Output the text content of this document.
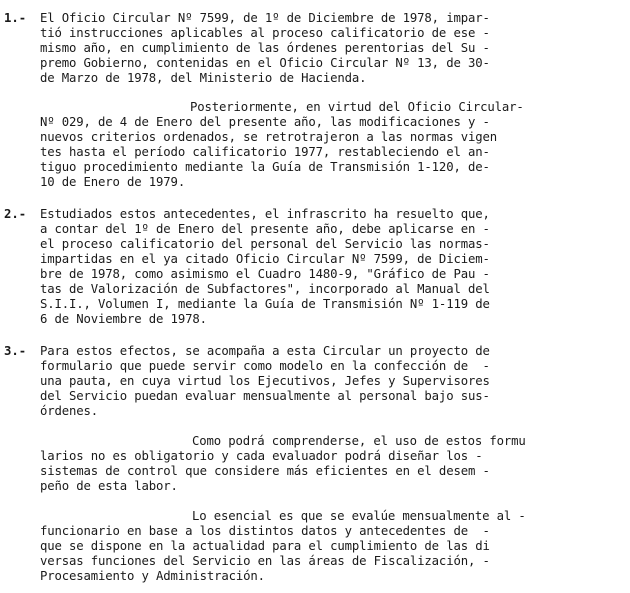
1.- El Oficio Circular Nº 7599, de 1º de Diciembre de 1978, impar-
tió instrucciones aplicables al proceso calificatorio de ese -
mismo año, en cumplimiento de las órdenes perentorias del Su -
premo Gobierno, contenidas en el Oficio Circular Nº 13, de 30-
de Marzo de 1978, del Ministerio de Hacienda.
Posteriormente, en virtud del Oficio Circular-
Nº 029, de 4 de Enero del presente año, las modificaciones y -
nuevos criterios ordenados, se retrotrajeron a las normas vigen
tes hasta el período calificatorio 1977, restableciendo el an-
tiguo procedimiento mediante la Guía de Transmisión 1-120, de-
10 de Enero de 1979.
2.- Estudiados estos antecedentes, el infrascrito ha resuelto que,
a contar del 1º de Enero del presente año, debe aplicarse en -
el proceso calificatorio del personal del Servicio las normas-
impartidas en el ya citado Oficio Circular Nº 7599, de Diciem-
bre de 1978, como asimismo el Cuadro 1480-9, "Gráfico de Pau -
tas de Valorización de Subfactores", incorporado al Manual del
S.I.I., Volumen I, mediante la Guía de Transmisión Nº 1-119 de
6 de Noviembre de 1978.
3.- Para estos efectos, se acompaña a esta Circular un proyecto de
formulario que puede servir como modelo en la confección de  -
una pauta, en cuya virtud los Ejecutivos, Jefes y Supervisores
del Servicio puedan evaluar mensualmente al personal bajo sus-
órdenes.
Como podrá comprenderse, el uso de estos formu
larios no es obligatorio y cada evaluador podrá diseñar los -
sistemas de control que considere más eficientes en el desem -
peño de esta labor.
Lo esencial es que se evalúe mensualmente al -
funcionario en base a los distintos datos y antecedentes de  -
que se dispone en la actualidad para el cumplimiento de las di
versas funciones del Servicio en las áreas de Fiscalización, -
Procesamiento y Administración.
